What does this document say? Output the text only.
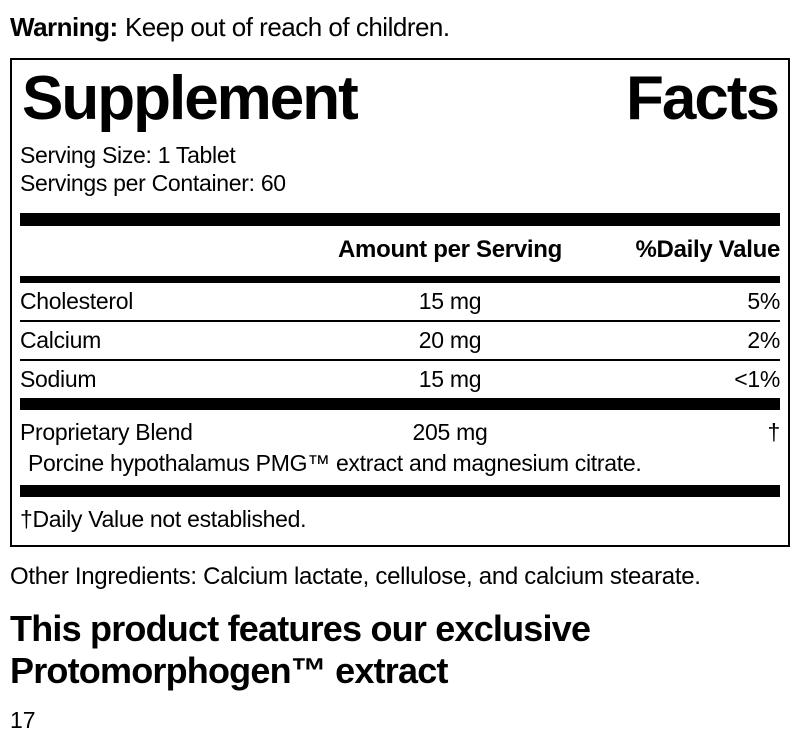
Warning: Keep out of reach of children.

Supplement	Facts
Serving Size: 1 Tablet
Servings per Container: 60
Amount per Serving	%Daily Value
Cholesterol	15 mg	5%
Calcium	20 mg	2%
Sodium	15 mg	<1%
Proprietary Blend	205 mg	†
Porcine hypothalamus PMG™ extract and magnesium citrate.
†Daily Value not established.

Other Ingredients: Calcium lactate, cellulose, and calcium stearate.

This product features our exclusive
Protomorphogen™ extract
17
